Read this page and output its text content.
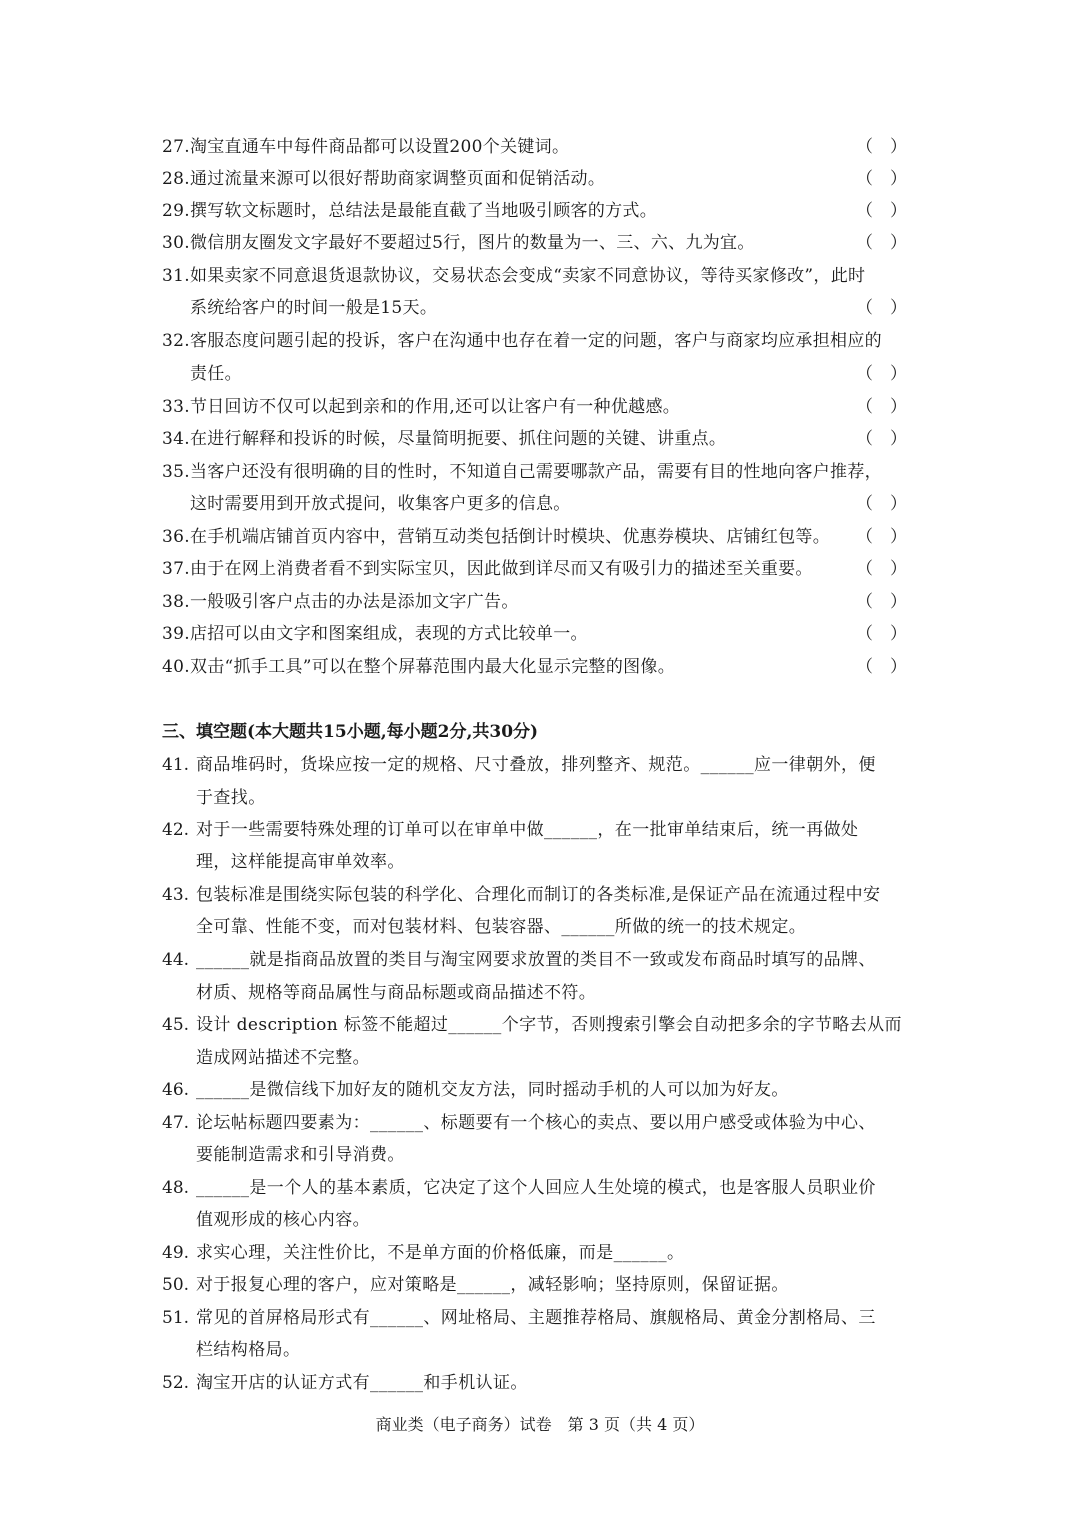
27.淘宝直通车中每件商品都可以设置200个关键词。	（　）
28.通过流量来源可以很好帮助商家调整页面和促销活动。	（　）
29.撰写软文标题时，总结法是最能直截了当地吸引顾客的方式。	（　）
30.微信朋友圈发文字最好不要超过5行，图片的数量为一、三、六、九为宜。	（　）
31.如果卖家不同意退货退款协议，交易状态会变成“卖家不同意协议，等待买家修改”，此时
系统给客户的时间一般是15天。	（　）
32.客服态度问题引起的投诉，客户在沟通中也存在着一定的问题，客户与商家均应承担相应的
责任。	（　）
33.节日回访不仅可以起到亲和的作用,还可以让客户有一种优越感。	（　）
34.在进行解释和投诉的时候，尽量简明扼要、抓住问题的关键、讲重点。	（　）
35.当客户还没有很明确的目的性时，不知道自己需要哪款产品，需要有目的性地向客户推荐，
这时需要用到开放式提问，收集客户更多的信息。	（　）
36.在手机端店铺首页内容中，营销互动类包括倒计时模块、优惠券模块、店铺红包等。 （　）
37.由于在网上消费者看不到实际宝贝，因此做到详尽而又有吸引力的描述至关重要。	（　）
38.一般吸引客户点击的办法是添加文字广告。	（　）
39.店招可以由文字和图案组成，表现的方式比较单一。	（　）
40.双击“抓手工具”可以在整个屏幕范围内最大化显示完整的图像。	（　）
三、填空题(本大题共15小题,每小题2分,共30分)
41. 商品堆码时，货垛应按一定的规格、尺寸叠放，排列整齐、规范。______应一律朝外，便
于查找。
42. 对于一些需要特殊处理的订单可以在审单中做______，在一批审单结束后，统一再做处
理，这样能提高审单效率。
43. 包装标准是围绕实际包装的科学化、合理化而制订的各类标准,是保证产品在流通过程中安
全可靠、性能不变，而对包装材料、包装容器、______所做的统一的技术规定。
44. ______就是指商品放置的类目与淘宝网要求放置的类目不一致或发布商品时填写的品牌、
材质、规格等商品属性与商品标题或商品描述不符。
45. 设计 description 标签不能超过______个字节，否则搜索引擎会自动把多余的字节略去从而
造成网站描述不完整。
46. ______是微信线下加好友的随机交友方法，同时摇动手机的人可以加为好友。
47. 论坛帖标题四要素为：______、标题要有一个核心的卖点、要以用户感受或体验为中心、
要能制造需求和引导消费。
48. ______是一个人的基本素质，它决定了这个人回应人生处境的模式，也是客服人员职业价
值观形成的核心内容。
49. 求实心理，关注性价比，不是单方面的价格低廉，而是______。
50. 对于报复心理的客户，应对策略是______，减轻影响；坚持原则，保留证据。
51. 常见的首屏格局形式有______、网址格局、主题推荐格局、旗舰格局、黄金分割格局、三
栏结构格局。
52. 淘宝开店的认证方式有______和手机认证。
商业类（电子商务）试卷　第 3 页（共 4 页）
